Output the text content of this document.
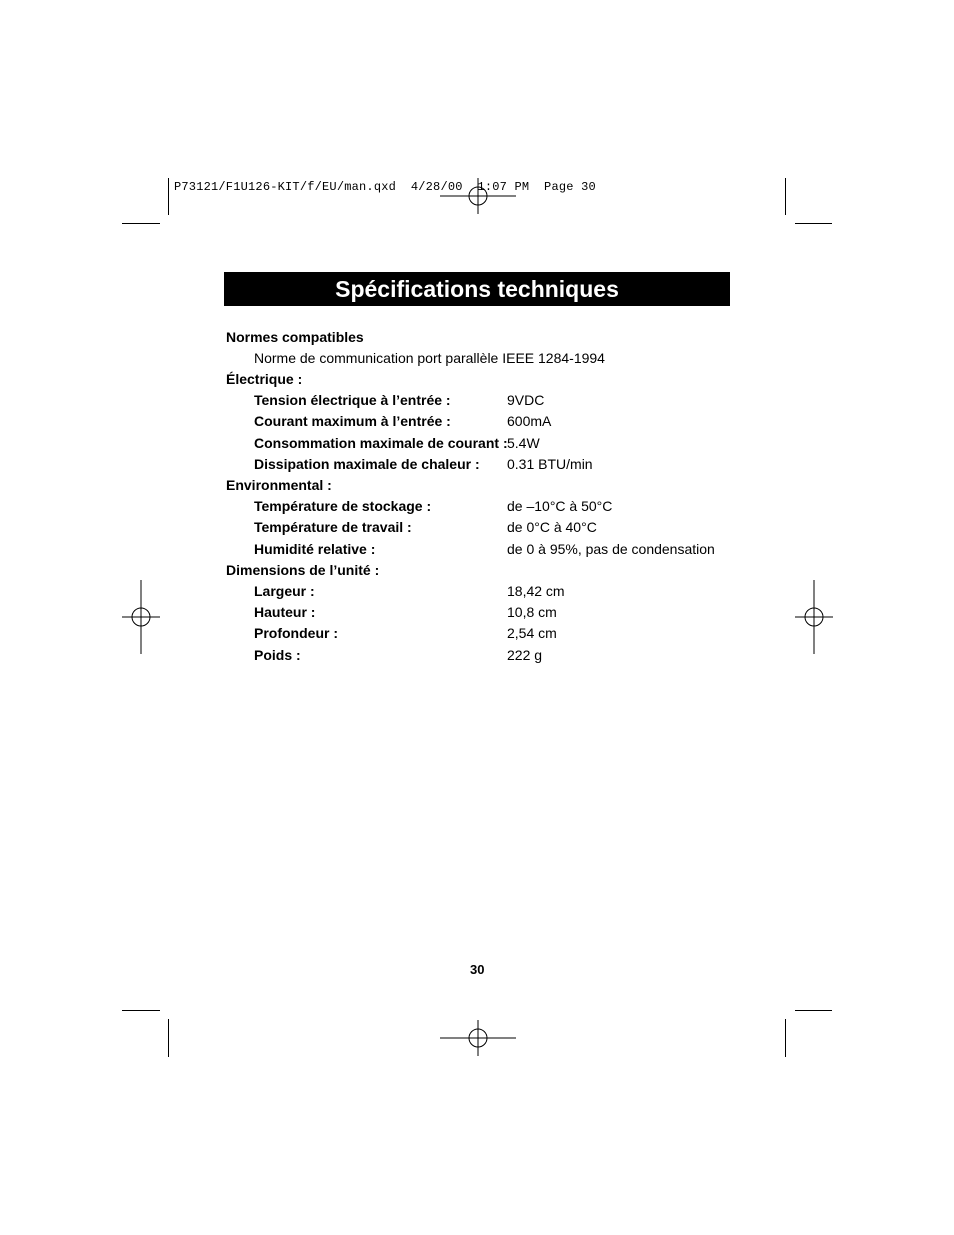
P73121/F1U126-KIT/f/EU/man.qxd  4/28/00  1:07 PM  Page 30
Spécifications techniques
Normes compatibles
Norme de communication port parallèle IEEE 1284-1994
Électrique :
Tension électrique à l’entrée :	9VDC
Courant maximum à l’entrée :	600mA
Consommation maximale de courant : 5.4W
Dissipation maximale de chaleur : 0.31 BTU/min
Environmental :
Température de stockage :	de –10°C à 50°C
Température de travail :	de 0°C à 40°C
Humidité relative :	de 0 à 95%, pas de condensation
Dimensions de l’unité :
Largeur :	18,42 cm
Hauteur :	10,8 cm
Profondeur :	2,54 cm
Poids :	222 g
30
